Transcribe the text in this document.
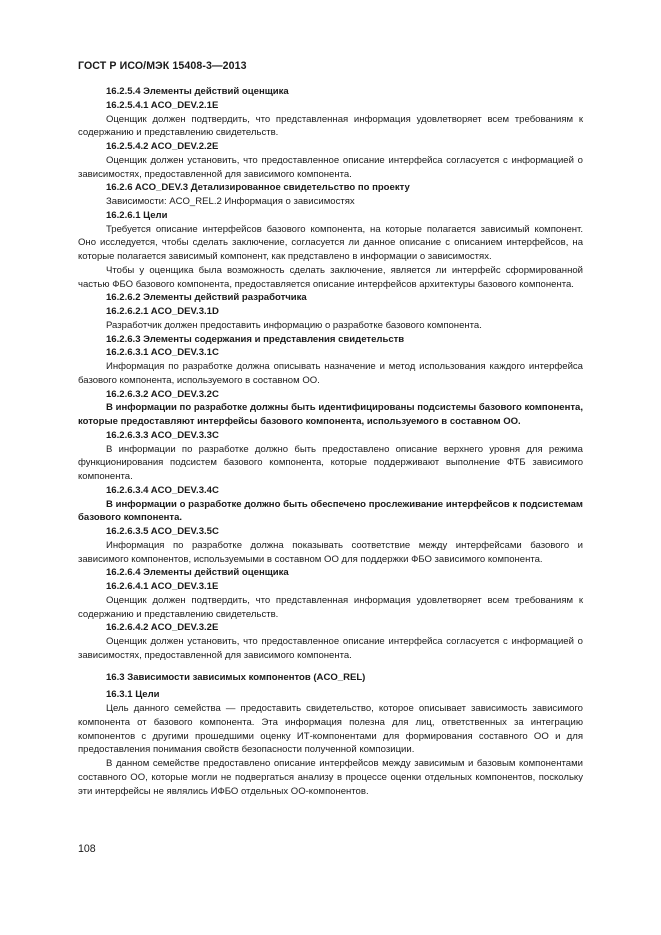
ГОСТ Р ИСО/МЭК 15408-3—2013

16.2.5.4 Элементы действий оценщика

16.2.5.4.1 ACO_DEV.2.1E

Оценщик должен подтвердить, что представленная информация удовлетворяет всем требованиям к содержанию и представлению свидетельств.

16.2.5.4.2 ACO_DEV.2.2E

Оценщик должен установить, что предоставленное описание интерфейса согласуется с информацией о зависимостях, предоставленной для зависимого компонента.

16.2.6 ACO_DEV.3 Детализированное свидетельство по проекту

Зависимости: ACO_REL.2 Информация о зависимостях

16.2.6.1 Цели

Требуется описание интерфейсов базового компонента, на которые полагается зависимый компонент. Оно исследуется, чтобы сделать заключение, согласуется ли данное описание с описанием интерфейсов, на которые полагается зависимый компонент, как представлено в информации о зависимостях.

Чтобы у оценщика была возможность сделать заключение, является ли интерфейс сформированной частью ФБО базового компонента, предоставляется описание интерфейсов архитектуры базового компонента.

16.2.6.2 Элементы действий разработчика

16.2.6.2.1 ACO_DEV.3.1D

Разработчик должен предоставить информацию о разработке базового компонента.

16.2.6.3 Элементы содержания и представления свидетельств

16.2.6.3.1 ACO_DEV.3.1C

Информация по разработке должна описывать назначение и метод использования каждого интерфейса базового компонента, используемого в составном ОО.

16.2.6.3.2 ACO_DEV.3.2C

В информации по разработке должны быть идентифицированы подсистемы базового компонента, которые предоставляют интерфейсы базового компонента, используемого в составном ОО.

16.2.6.3.3 ACO_DEV.3.3C

В информации по разработке должно быть предоставлено описание верхнего уровня для режима функционирования подсистем базового компонента, которые поддерживают выполнение ФТБ зависимого компонента.

16.2.6.3.4 ACO_DEV.3.4C

В информации о разработке должно быть обеспечено прослеживание интерфейсов к подсистемам базового компонента.

16.2.6.3.5 ACO_DEV.3.5C

Информация по разработке должна показывать соответствие между интерфейсами базового и зависимого компонентов, используемыми в составном ОО для поддержки ФБО зависимого компонента.

16.2.6.4 Элементы действий оценщика

16.2.6.4.1 ACO_DEV.3.1E

Оценщик должен подтвердить, что представленная информация удовлетворяет всем требованиям к содержанию и представлению свидетельств.

16.2.6.4.2 ACO_DEV.3.2E

Оценщик должен установить, что предоставленное описание интерфейса согласуется с информацией о зависимостях, предоставленной для зависимого компонента.

16.3 Зависимости зависимых компонентов (ACO_REL)

16.3.1 Цели

Цель данного семейства — предоставить свидетельство, которое описывает зависимость зависимого компонента от базового компонента. Эта информация полезна для лиц, ответственных за интеграцию компонентов с другими прошедшими оценку ИТ-компонентами для формирования составного ОО и для предоставления понимания свойств безопасности полученной композиции.

В данном семействе предоставлено описание интерфейсов между зависимым и базовым компонентами составного ОО, которые могли не подвергаться анализу в процессе оценки отдельных компонентов, поскольку эти интерфейсы не являлись ИФБО отдельных ОО-компонентов.

108
